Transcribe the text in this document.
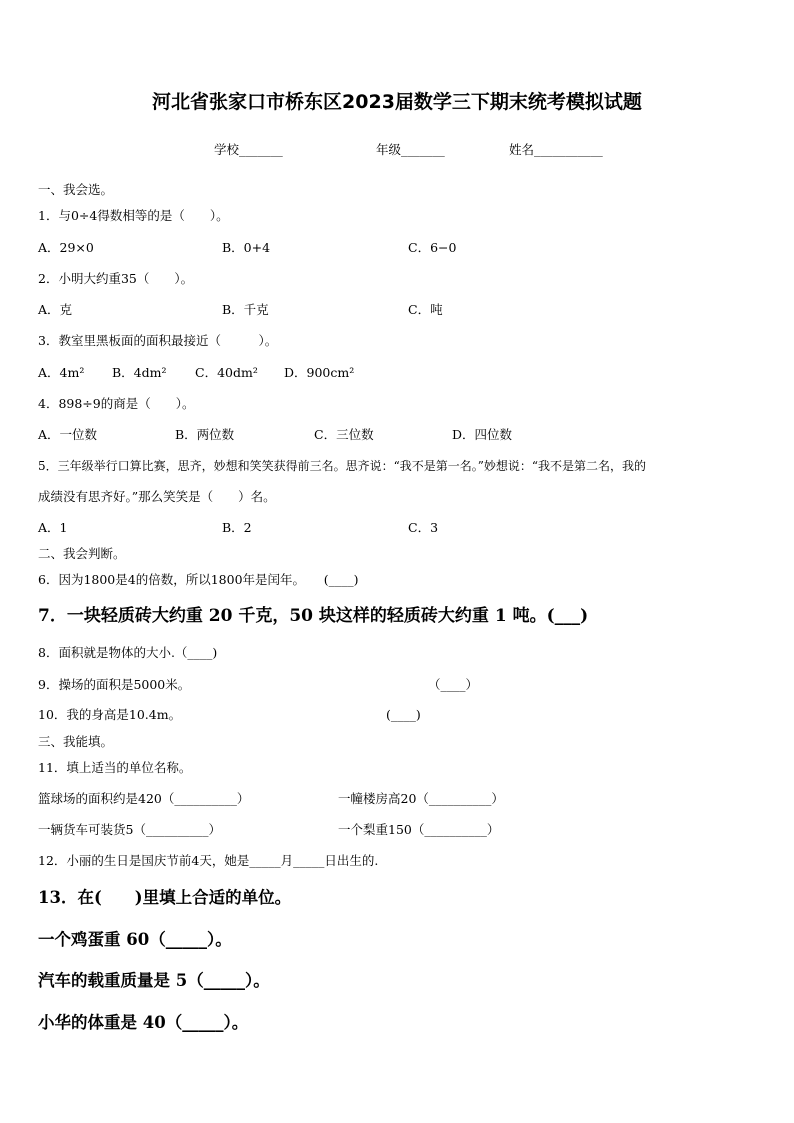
河北省张家口市桥东区2023届数学三下期末统考模拟试题
学校_______	年级_______	姓名___________
一、我会选。
1．与0÷4得数相等的是（　　）。
A．29×0	B．0+4	C．6−0
2．小明大约重35（　　）。
A．克	B．千克	C．吨
3．教室里黑板面的面积最接近（　　　）。
A．4m² B．4dm² C．40dm² D．900cm²
4．898÷9的商是（　　）。
A．一位数	B．两位数	C．三位数	D．四位数
5．三年级举行口算比赛，思齐，妙想和笑笑获得前三名。思齐说：“我不是第一名。”妙想说：“我不是第二名，我的
成绩没有思齐好。”那么笑笑是（　　）名。
A．1	B．2	C．3
二、我会判断。
6．因为1800是4的倍数，所以1800年是闰年。　　(____)
7．一块轻质砖大约重 20 千克，50 块这样的轻质砖大约重 1 吨。(___)
8．面积就是物体的大小.（____)
9．操场的面积是5000米。	（____）
10．我的身高是10.4m。	(____)
三、我能填。
11．填上适当的单位名称。
篮球场的面积约是420（__________）	一幢楼房高20（__________）
一辆货车可装货5（__________）	一个梨重150（__________）
12．小丽的生日是国庆节前4天，她是_____月_____日出生的.
13．在(　　)里填上合适的单位。
一个鸡蛋重 60（_____）。
汽车的载重质量是 5（_____）。
小华的体重是 40（_____）。
